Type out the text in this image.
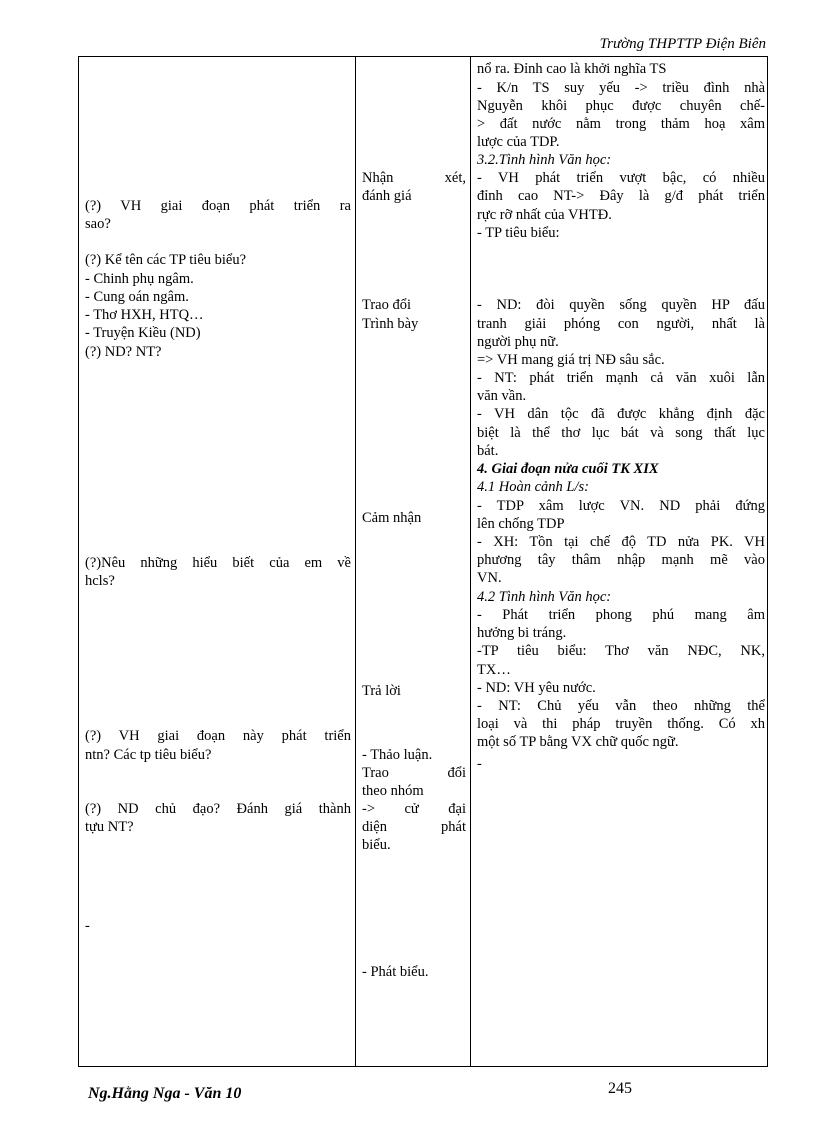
Trường THPTTP Điện Biên
(?) VH giai đoạn phát triển ra
sao?
(?) Kể tên các TP tiêu biểu?
- Chinh phụ ngâm.
- Cung oán ngâm.
- Thơ HXH, HTQ…
- Truyện Kiều (ND)
(?) ND? NT?
(?)Nêu những hiểu biết của em về
hcls?
(?) VH giai đoạn này phát triển
ntn? Các tp tiêu biểu?
(?) ND chủ đạo? Đánh giá thành
tựu NT?
-
Nhận xét,
đánh giá
Trao đổi
Trình bày
Cảm nhận
Trả lời
- Thảo luận.
Trao đổi
theo nhóm
-> cử đại
diện phát
biểu.
- Phát biểu.
nổ ra. Đỉnh cao là khởi nghĩa TS
- K/n TS suy yếu -> triều đình nhà
Nguyễn khôi phục được chuyên chế-
> đất nước nằm trong thảm hoạ xâm
lược của TDP.
3.2.Tình hình Văn học:
- VH phát triển vượt bậc, có nhiều
đỉnh cao NT-> Đây là g/đ phát triển
rực rỡ nhất của VHTĐ.
- TP tiêu biểu:
- ND: đòi quyền sống quyền HP đấu
tranh giải phóng con người, nhất là
người phụ nữ.
=> VH mang giá trị NĐ sâu sắc.
- NT: phát triển mạnh cả văn xuôi lẫn
văn vần.
- VH dân tộc đã được khẳng định đặc
biệt là thể thơ lục bát và song thất lục
bát.
4. Giai đoạn nửa cuối TK XIX
4.1 Hoàn cảnh L/s:
- TDP xâm lược VN. ND phải đứng
lên chống TDP
- XH: Tồn tại chế độ TD nửa PK. VH
phương tây thâm nhập mạnh mẽ vào
VN.
4.2 Tình hình Văn học:
- Phát triển phong phú mang âm
hưởng bi tráng.
-TP tiêu biểu: Thơ văn NĐC, NK,
TX…
- ND: VH yêu nước.
- NT: Chủ yếu vẫn theo những thể
loại và thi pháp truyền thống. Có xh
một số TP bằng VX chữ quốc ngữ.
-
Ng.Hằng Nga - Văn 10	245
